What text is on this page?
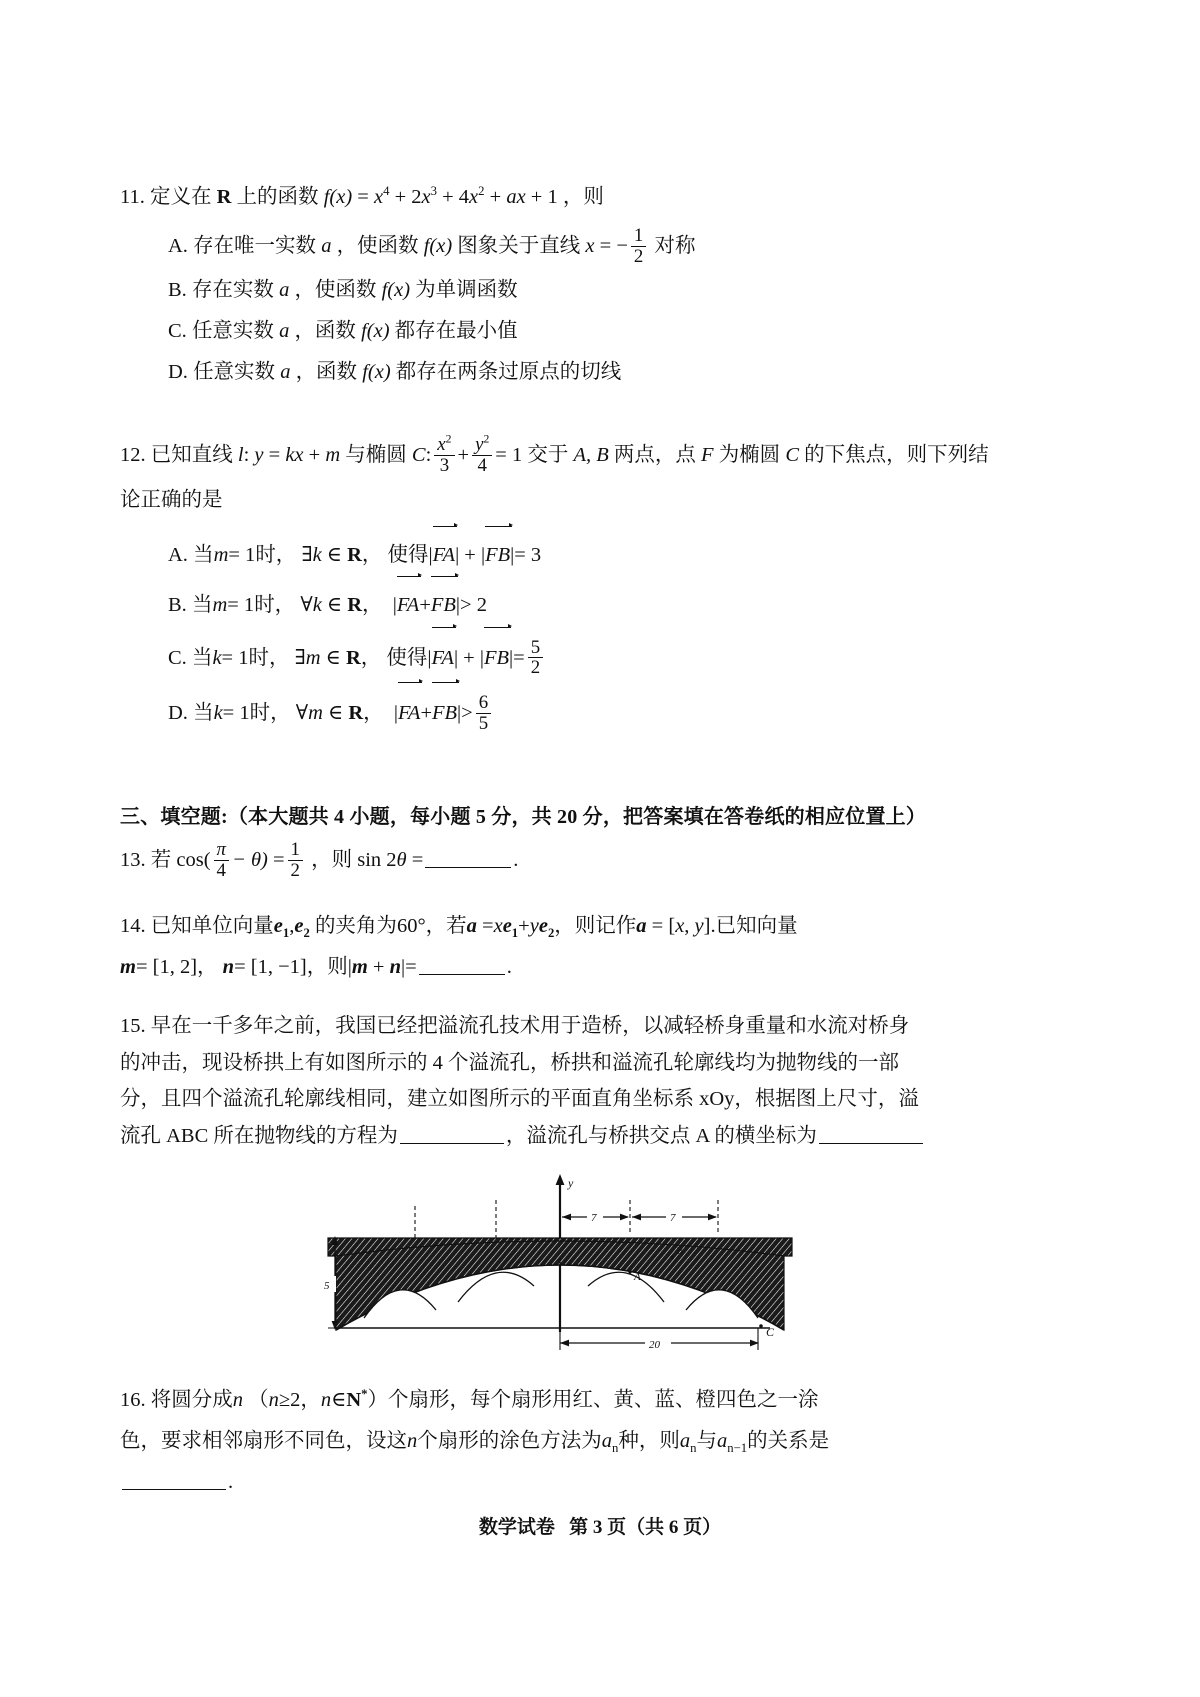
11. 定义在 R 上的函数 $f(x) = x^4 + 2x^3 + 4x^2$ + ax + 1 ，则
A. 存在唯一实数 a ，使函数 f(x) 图象关于直线 x = − $\frac{1}{2}$ 对称
B. 存在实数 a ，使函数 f(x) 为单调函数
C. 任意实数 a ，函数 f(x) 都存在最小值
D. 任意实数 a ，函数 f(x) 都存在两条过原点的切线
12. 已知直线 l: y = kx + m 与椭圆 C: $\frac{x^2}{3} + \frac{y^2}{4} = 1$ 交于 A, B 两点，点 F 为椭圆 C 的下焦点，则下列结论正确的是
A. 当m= 1时， ∃k ∈ R， 使得|FA| + |FB|= 3
B. 当m= 1时， ∀k ∈ R，  |FA+FB|> 2
C. 当k= 1时， ∃m ∈ R， 使得$|FA| + |FB|= \frac{5}{2}$
D. 当k= 1时， ∀m ∈ R，  $|FA+FB|> \frac{6}{5}$
三、填空题:（本大题共 4 小题，每小题 5 分，共 20 分，把答案填在答卷纸的相应位置上）
13. 若 $\cos( \frac{\pi}{4} - \theta) = \frac{1}{2}$ ，则 sin 2θ =	.
14. 已知单位向量$e_1,e_2$ 的夹角为60°，若$a =xe_1+ye_2$，则记作a = [x, y].已知向量
m= [1, 2]， n= [1, −1]，则|m + n|=	.
15. 早在一千多年之前，我国已经把溢流孔技术用于造桥，以减轻桥身重量和水流对桥身
的冲击，现设桥拱上有如图所示的 4 个溢流孔，桥拱和溢流孔轮廓线均为抛物线的一部
分，且四个溢流孔轮廓线相同，建立如图所示的平面直角坐标系 xOy，根据图上尺寸，溢
流孔 ABC 所在抛物线的方程为	，溢流孔与桥拱交点 A 的横坐标为
y
A
B
C
7	7
5
20
16. 将圆分成n （n≥2，n∈N*）个扇形，每个扇形用红、黄、蓝、橙四色之一涂
色，要求相邻扇形不同色，设这n个扇形的涂色方法为$a_n$种，则$a_n$与$a_{n-1}$的关系是
.
数学试卷 第 3 页（共 6 页）
